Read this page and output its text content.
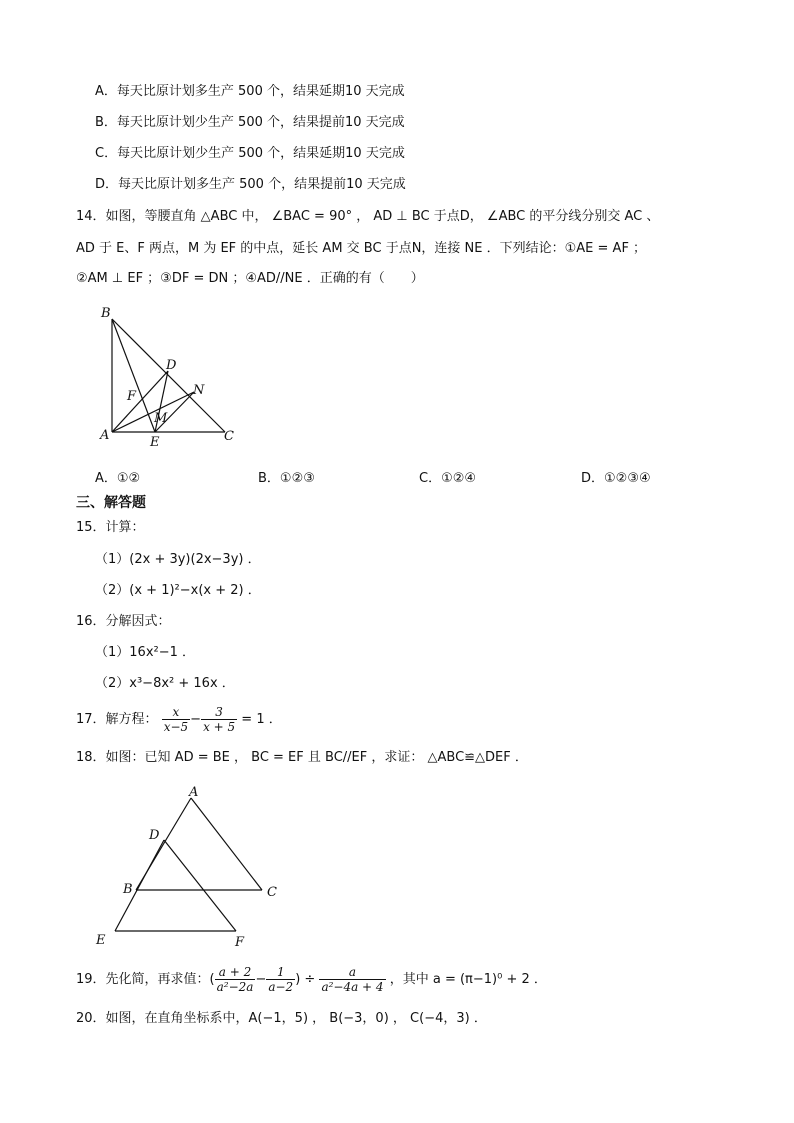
A．每天比原计划多生产 500 个，结果延期10 天完成
B．每天比原计划少生产 500 个，结果提前10 天完成
C．每天比原计划少生产 500 个，结果延期10 天完成
D．每天比原计划多生产 500 个，结果提前10 天完成
14．如图，等腰直角 △ABC 中， ∠BAC = 90° ， AD ⊥ BC 于点D， ∠ABC 的平分线分别交 AC 、
AD 于 E、F 两点，M 为 EF 的中点，延长 AM 交 BC 于点N，连接 NE ．下列结论：①AE = AF ；
②AM ⊥ EF ；③DF = DN ；④AD//NE ．正确的有（　　）
B
D
N
F
M
A	E	C
A．①②	B．①②③	C．①②④	D．①②③④
三、解答题
15．计算：
（1）(2x + 3y)(2x−3y) ．
（2）(x + 1)²−x(x + 2) ．
16．分解因式：
（1）16x²−1 ．
（2）x³−8x² + 16x ．
17．解方程： $\frac{x}{x-5} - \frac{3}{x + 5} = 1$ ．
18．如图：已知 AD = BE ， BC = EF 且 BC//EF ，求证： △ABC≌△DEF ．
A
D
B	C
E	F
19．先化简，再求值：( $\frac{a + 2}{\text{a²−2a}} - \frac{1}{a-2}$ ) ÷ $\frac{a}{\text{a²−4a + 4}}$ ，其中 a = (π−1)⁰ + 2 ．
20．如图，在直角坐标系中，A(−1，5) ， B(−3，0) ， C(−4，3) ．
